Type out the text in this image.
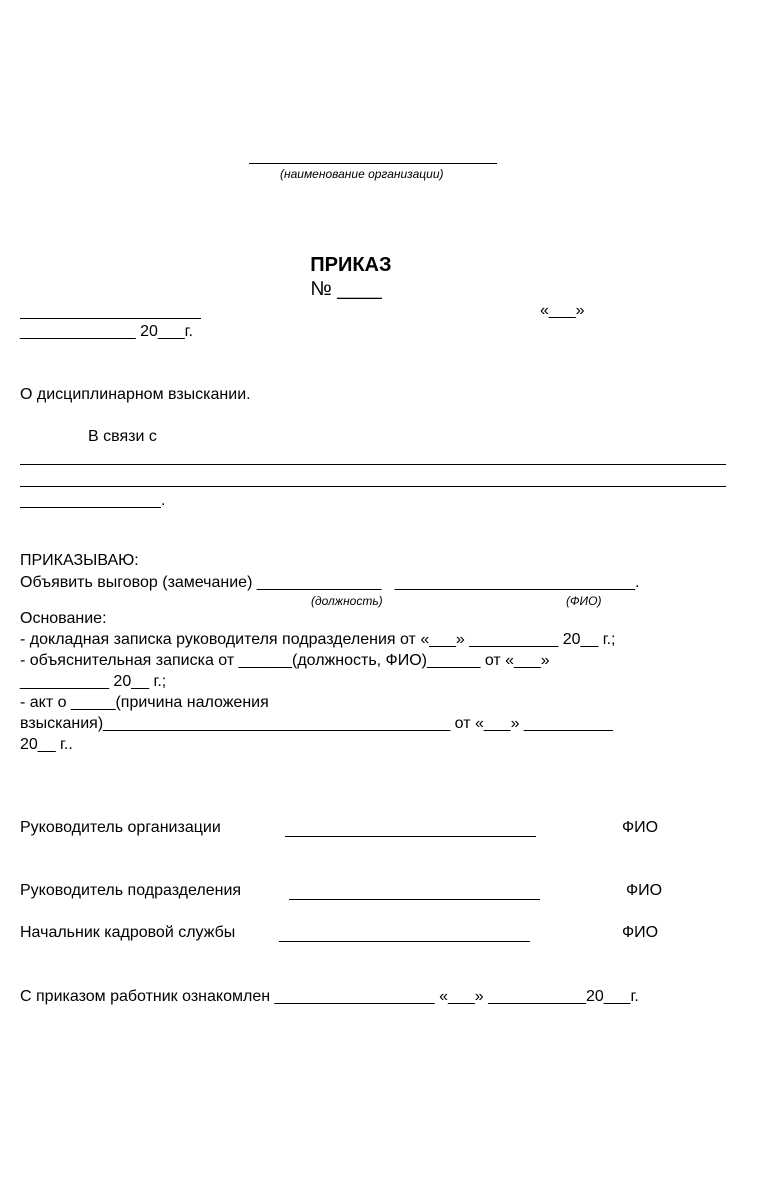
(наименование организации)

ПРИКАЗ
№ ____

«___»
_____________ 20___г.
О дисциплинарном взыскании.
В связи с
.
ПРИКАЗЫВАЮ:
Объявить выговор (замечание) ______________   ___________________________.
(должность)	(ФИО)
Основание:
- докладная записка руководителя подразделения от «___» __________ 20__ г.;
- объяснительная записка от ______(должность, ФИО)______ от «___»
__________ 20__ г.;
- акт о _____(причина наложения
взыскания)_______________________________________ от «___» __________
20__ г..
Руководитель организации	ФИО
Руководитель подразделения	ФИО
Начальник кадровой службы	ФИО
С приказом работник ознакомлен __________________ «___» ___________20___г.
